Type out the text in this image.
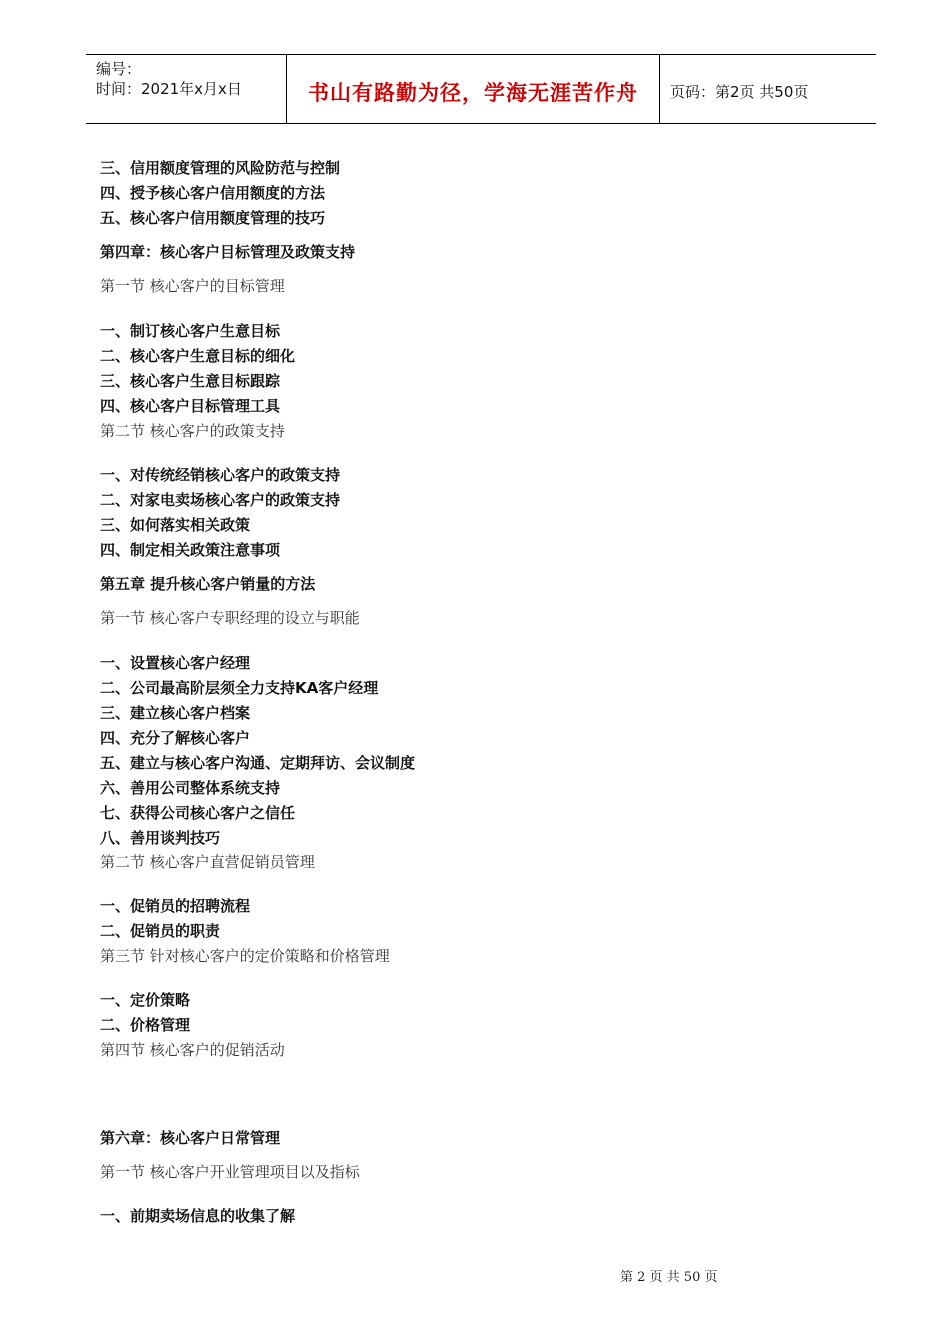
编号：
时间：2021年x月x日	书山有路勤为径，学海无涯苦作舟	页码：第2页 共50页
三、信用额度管理的风险防范与控制
四、授予核心客户信用额度的方法
五、核心客户信用额度管理的技巧
第四章：核心客户目标管理及政策支持
第一节 核心客户的目标管理
一、制订核心客户生意目标
二、核心客户生意目标的细化
三、核心客户生意目标跟踪
四、核心客户目标管理工具
第二节 核心客户的政策支持
一、对传统经销核心客户的政策支持
二、对家电卖场核心客户的政策支持
三、如何落实相关政策
四、制定相关政策注意事项
第五章 提升核心客户销量的方法
第一节 核心客户专职经理的设立与职能
一、设置核心客户经理
二、公司最高阶层须全力支持KA客户经理
三、建立核心客户档案
四、充分了解核心客户
五、建立与核心客户沟通、定期拜访、会议制度
六、善用公司整体系统支持
七、获得公司核心客户之信任
八、善用谈判技巧
第二节 核心客户直营促销员管理
一、促销员的招聘流程
二、促销员的职责
第三节 针对核心客户的定价策略和价格管理
一、定价策略
二、价格管理
第四节 核心客户的促销活动
第六章：核心客户日常管理
第一节 核心客户开业管理项目以及指标
一、前期卖场信息的收集了解
第 2 页 共 50 页
